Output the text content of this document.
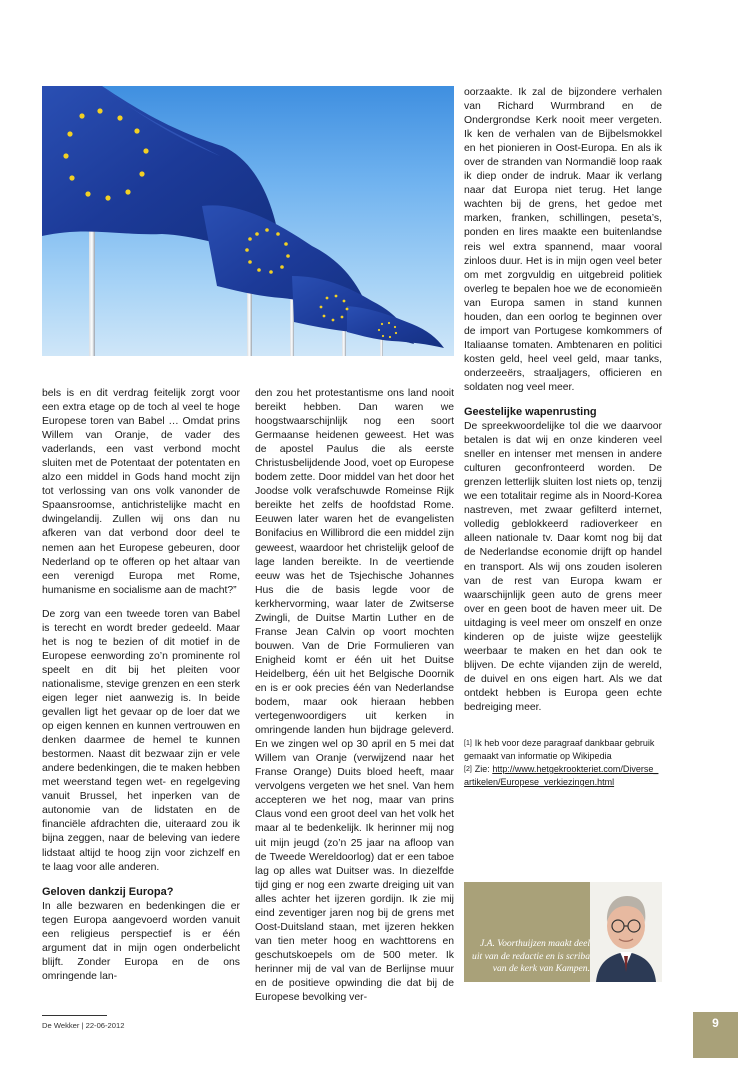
bels is en dit verdrag feitelijk zorgt voor een extra etage op de toch al veel te hoge Europese toren van Babel … Omdat prins Willem van Oranje, de vader des vaderlands, een vast verbond mocht sluiten met de Potentaat der potentaten en alzo een middel in Gods hand mocht zijn tot verlossing van ons volk vanonder de Spaansroomse, antichristelijke macht en dwingelandij. Zullen wij ons dan nu afkeren van dat verbond door deel te nemen aan het Europese gebeuren, door Nederland op te offeren op het altaar van een verenigd Europa met Rome, humanisme en socialisme aan de macht?”

De zorg van een tweede toren van Babel is terecht en wordt breder gedeeld. Maar het is nog te bezien of dit motief in de Europese eenwording zo’n prominente rol speelt en dit bij het pleiten voor nationalisme, stevige grenzen en een sterk eigen leger niet aanwezig is. In beide gevallen ligt het gevaar op de loer dat we op eigen kennen en kunnen vertrouwen en denken daarmee de hemel te kunnen bestormen. Naast dit bezwaar zijn er vele andere bedenkingen, die te maken hebben met weerstand tegen wet- en regelgeving vanuit Brussel, het inperken van de autonomie van de lidstaten en de financiële afdrachten die, uiteraard zou ik bijna zeggen, naar de beleving van iedere lidstaat altijd te hoog zijn voor zichzelf en te laag voor alle anderen.

Geloven dankzij Europa?

In alle bezwaren en bedenkingen die er tegen Europa aangevoerd worden vanuit een religieus perspectief is er één argument dat in mijn ogen onderbelicht blijft. Zonder Europa en de ons omringende lan-

den zou het protestantisme ons land nooit bereikt hebben. Dan waren we hoogstwaarschijnlijk nog een soort Germaanse heidenen geweest. Het was de apostel Paulus die als eerste Christusbelijdende Jood, voet op Europese bodem zette. Door middel van het door het Joodse volk verafschuwde Romeinse Rijk bereikte het zelfs de hoofdstad Rome. Eeuwen later waren het de evangelisten Bonifacius en Willibrord die een middel zijn geweest, waardoor het christelijk geloof de lage landen bereikte. In de veertiende eeuw was het de Tsjechische Johannes Hus die de basis legde voor de kerkhervorming, waar later de Zwitserse Zwingli, de Duitse Martin Luther en de Franse Jean Calvin op voort mochten bouwen. Van de Drie Formulieren van Enigheid komt er één uit het Duitse Heidelberg, één uit het Belgische Doornik en is er ook precies één van Nederlandse bodem, maar ook hieraan hebben vertegenwoordigers uit kerken in omringende landen hun bijdrage geleverd. En we zingen wel op 30 april en 5 mei dat Willem van Oranje (verwijzend naar het Franse Orange) Duits bloed heeft, maar vervolgens vergeten we het snel. Van hem accepteren we het nog, maar van prins Claus vond een groot deel van het volk het maar al te bedenkelijk. Ik herinner mij nog uit mijn jeugd (zo’n 25 jaar na afloop van de Tweede Wereldoorlog) dat er een taboe lag op alles wat Duitser was. In diezelfde tijd ging er nog een zwarte dreiging uit van alles achter het ijzeren gordijn. Ik zie mij eind zeventiger jaren nog bij de grens met Oost-Duitsland staan, met ijzeren hekken van tien meter hoog en wachttorens en geschutskoepels om de 500 meter. Ik herinner mij de val van de Berlijnse muur en de positieve opwinding die dat bij de Europese bevolking ver-

oorzaakte. Ik zal de bijzondere verhalen van Richard Wurmbrand en de Ondergrondse Kerk nooit meer vergeten. Ik ken de verhalen van de Bijbelsmokkel en het pionieren in Oost-Europa. En als ik over de stranden van Normandië loop raak ik diep onder de indruk. Maar ik verlang naar dat Europa niet terug. Het lange wachten bij de grens, het gedoe met marken, franken, schillingen, peseta’s, ponden en lires maakte een buitenlandse reis wel extra spannend, maar vooral zinloos duur. Het is in mijn ogen veel beter om met zorgvuldig en uitgebreid politiek overleg te bepalen hoe we de economieën van Europa samen in stand kunnen houden, dan een oorlog te beginnen over de import van Portugese komkommers of Italiaanse tomaten. Ambtenaren en politici kosten geld, heel veel geld, maar tanks, onderzeeërs, straaljagers, officieren en soldaten nog veel meer.

Geestelijke wapenrusting

De spreekwoordelijke tol die we daarvoor betalen is dat wij en onze kinderen veel sneller en intenser met mensen in andere culturen geconfronteerd worden. De grenzen letterlijk sluiten lost niets op, tenzij we een totalitair regime als in Noord-Korea nastreven, met zwaar gefilterd internet, volledig geblokkeerd radioverkeer en alleen nationale tv. Daar komt nog bij dat de Nederlandse economie drijft op handel en transport. Als wij ons zouden isoleren van de rest van Europa kwam er waarschijnlijk geen auto de grens meer over en geen boot de haven meer uit. De uitdaging is veel meer om onszelf en onze kinderen op de juiste wijze geestelijk weerbaar te maken en het dan ook te blijven. De echte vijanden zijn de wereld, de duivel en ons eigen hart. Als we dat ontdekt hebben is Europa geen echte bedreiging meer.

[1] Ik heb voor deze paragraaf dankbaar gebruik gemaakt van informatie op Wikipedia

[2] Zie: http://www.hetgekrookteriet.com/Diverse_artikelen/Europese_verkiezingen.html

J.A. Voorthuijzen maakt deel uit van de redactie en is scriba van de kerk van Kampen.
De Wekker | 22-06-2012	9
